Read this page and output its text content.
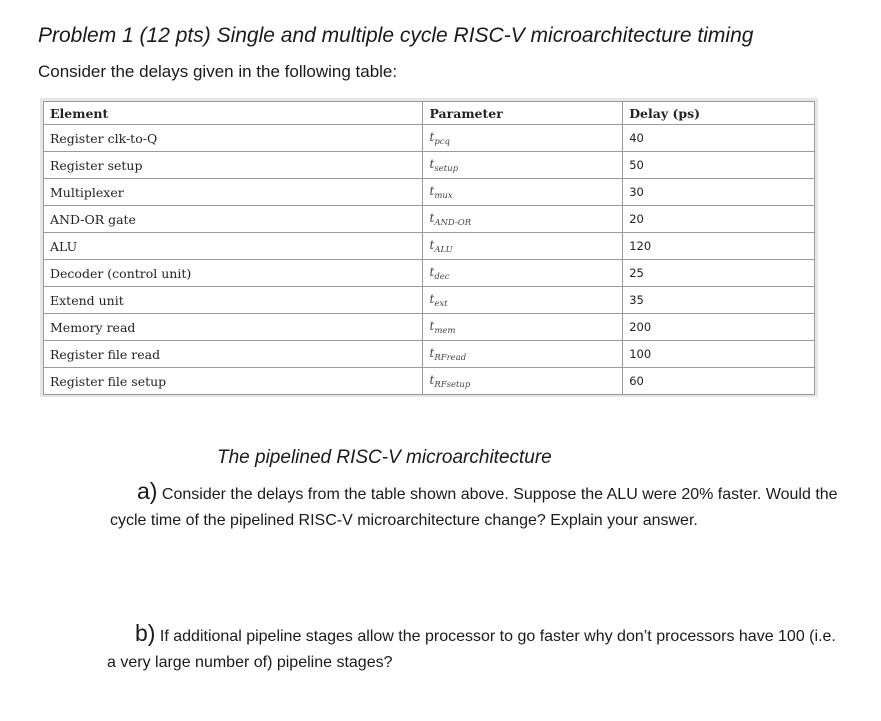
Problem 1 (12 pts) Single and multiple cycle RISC-V microarchitecture timing
Consider the delays given in the following table:
Element	Parameter	Delay (ps)
Register clk-to-Q	$t_{pcq}$	40
Register setup	$t_{setup}$	50
Multiplexer	$t_{mux}$	30
AND-OR gate	$t_{AND-OR}$	20
ALU	$t_{ALU}$	120
Decoder (control unit)	$t_{dec}$	25
Extend unit	$t_{ext}$	35
Memory read	$t_{mem}$	200
Register file read	$t_{RFread}$	100
Register file setup	$t_{RFsetup}$	60
The pipelined RISC-V microarchitecture
a) Consider the delays from the table shown above. Suppose the ALU were 20% faster. Would the cycle time of the pipelined RISC-V microarchitecture change? Explain your answer.
b) If additional pipeline stages allow the processor to go faster why don’t processors have 100 (i.e. a very large number of) pipeline stages?
